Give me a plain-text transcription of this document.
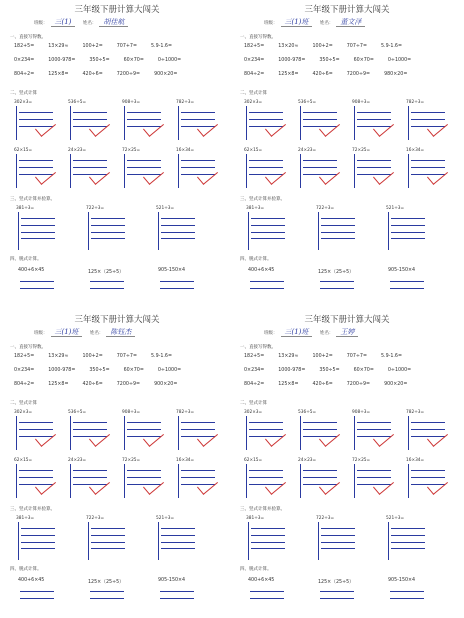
三年级下册计算大闯关
班级： 三(1)	姓名： 胡佳航
一、直接写得数。
二、竖式计算
三、竖式计算并验算。
四、脱式计算。
182+5=	13×29≈	100+2=	707+7=	5.9-1.6=
0×234=	1000-978=	350÷5=	60×70=	0÷1000=
804÷2=	125×8=	420÷6=	7200÷9=	900×20=
302×3=	536÷5=	908÷3=	782÷3=
62×15=	24×23=	72×25=	16×34=
381÷3=	722÷3=	521÷3=
400+6×45	125×（25÷5）	905-150×4
三年级下册计算大闯关
班级： 三(1)班	姓名： 董文泽
一、直接写得数。
二、竖式计算
三、竖式计算并验算。
四、脱式计算。
182+5=	13×20≈	100+2=	707÷7=	5.9-1.6=
0×234=	1000-978=	350÷5=	60×70=	0÷1000=
804÷2=	125×8=	420÷6=	7200÷9=	980×20=
302×3=	536÷5=	908÷3=	782÷3=
62×15=	24×23=	72×25=	16×34=
381÷3=	722÷3=	521÷3=
400+6×45	125×（25÷5）	905-150×4
三年级下册计算大闯关
班级： 三(1)班	姓名： 陈钰杰
一、直接写得数。
二、竖式计算
三、竖式计算并验算。
四、脱式计算。
182+5=	13×29≈	100+2=	707÷7=	5.9-1.6=
0×234=	1000-978=	350÷5=	60×70=	0÷1000=
804÷2=	125×8=	420÷6=	7200÷9=	900×20=
302×3=	536÷5=	908÷3=	782÷3=
62×15=	24×23=	72×25=	16×34=
381÷3=	722÷3=	521÷3=
400+6×45	125×（25÷5）	905-150×4
三年级下册计算大闯关
班级： 三(1)班	姓名： 王婷
一、直接写得数。
二、竖式计算
三、竖式计算并验算。
四、脱式计算。
182+5=	13×29≈	100+2=	707÷7=	5.9-1.6=
0×234=	1000-978=	350÷5=	60×70=	0÷1000=
804÷2=	125×8=	420÷6=	7200÷9=	900×20=
302×3=	536÷5=	908÷3=	782÷3=
62×15=	24×23=	72×25=	16×34=
381÷3=	722÷3=	521÷3=
400+6×45	125×（25÷5）	905-150×4
